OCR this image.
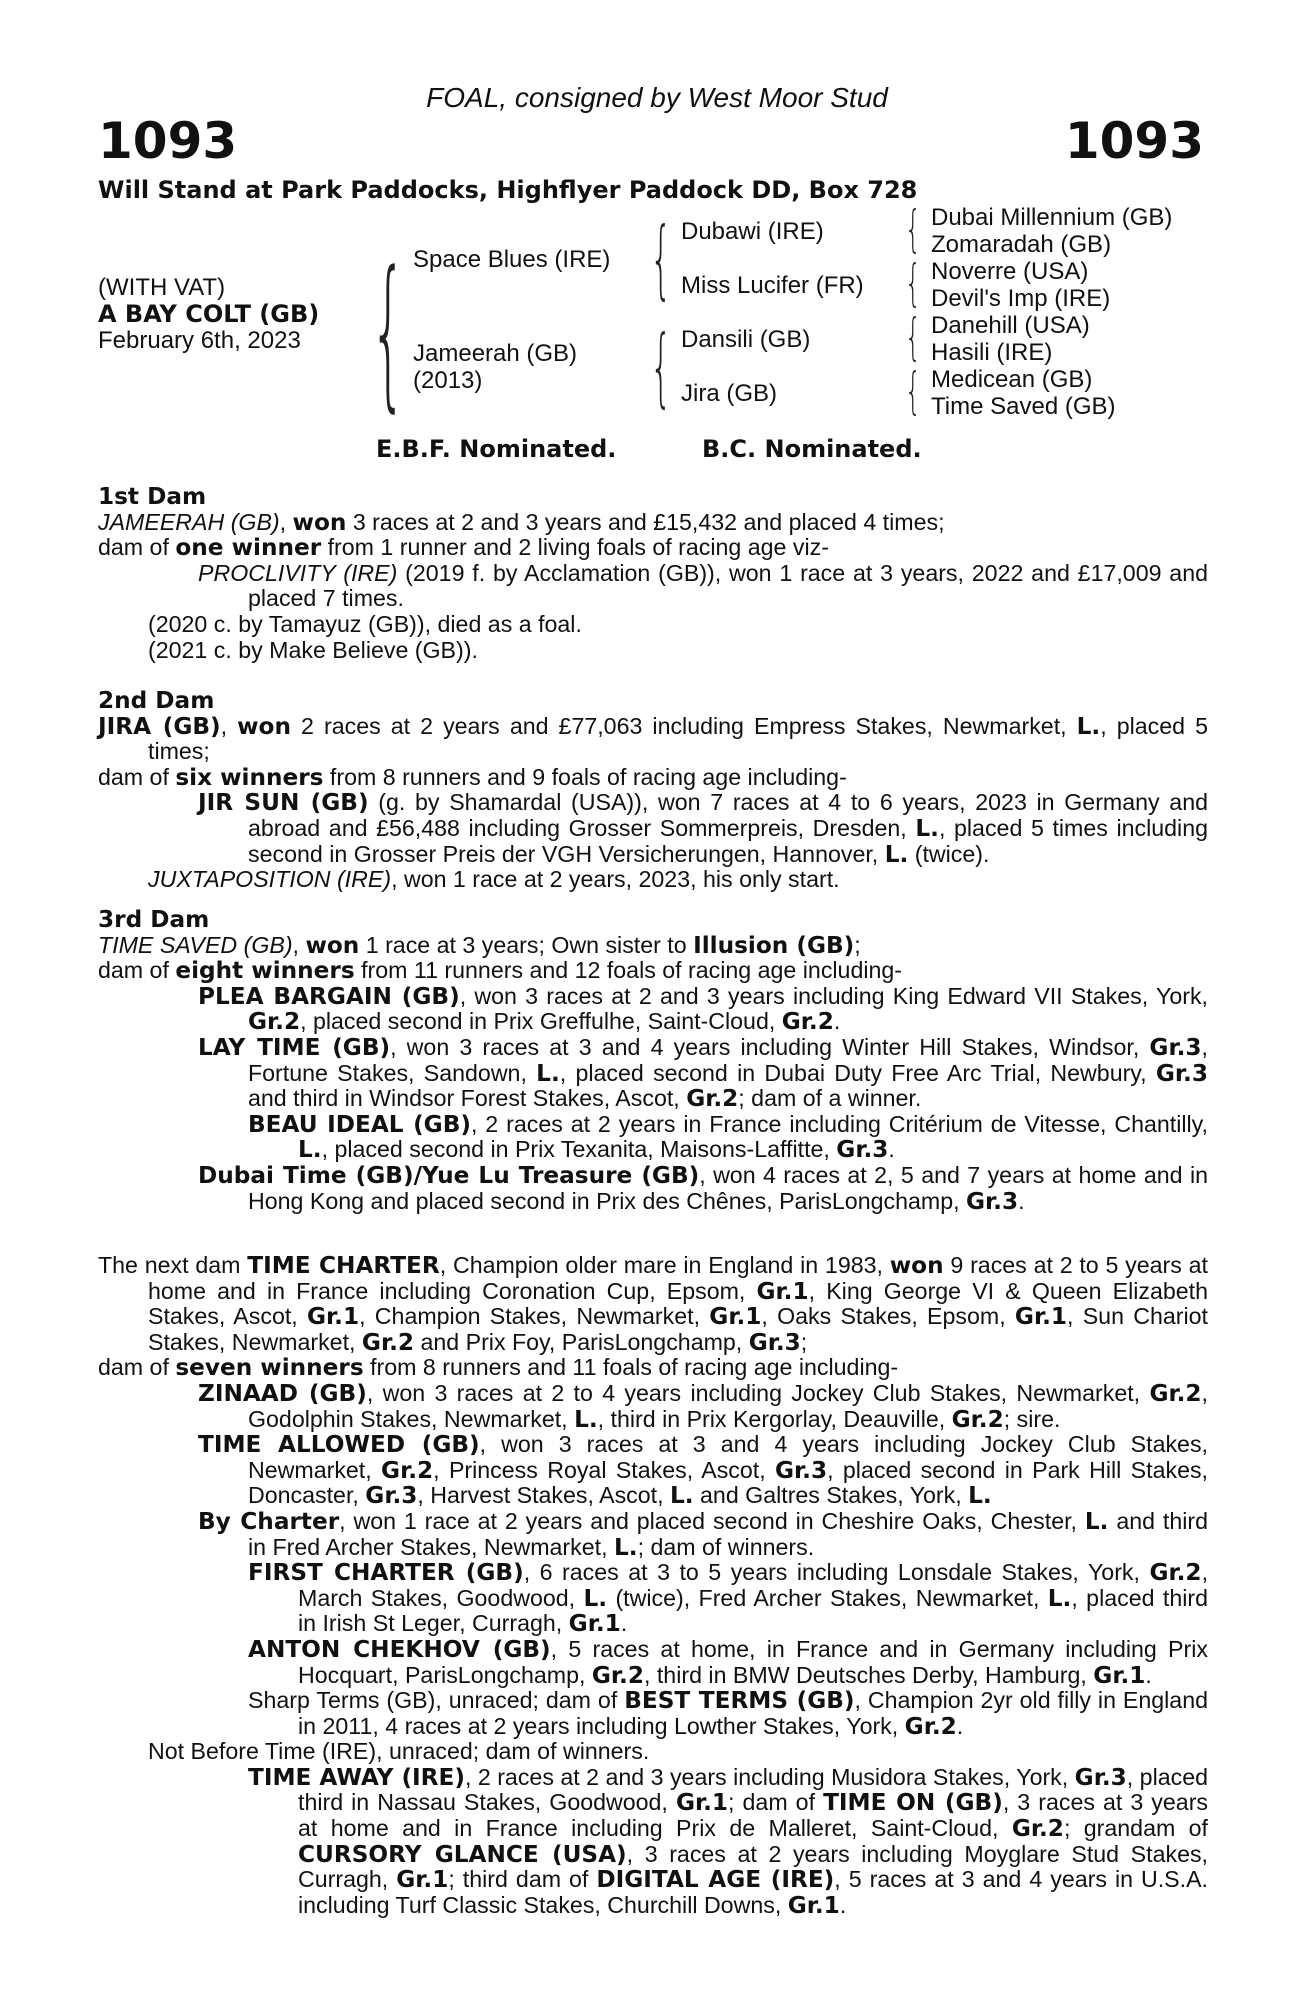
FOAL, consigned by West Moor Stud
1093	1093
Will Stand at Park Paddocks, Highflyer Paddock DD, Box 728
(WITH VAT)
A BAY COLT (GB)
February 6th, 2023 { Space Blues (IRE)
Jameerah (GB)
(2013)
{
{
Dubawi (IRE)
Miss Lucifer (FR)
Dansili (GB)
Jira (GB)
{
{
{
{
Dubai Millennium (GB)
Zomaradah (GB)
Noverre (USA)
Devil's Imp (IRE)
Danehill (USA)
Hasili (IRE)
Medicean (GB)
Time Saved (GB)
E.B.F. Nominated.	B.C. Nominated.

1st Dam

JAMEERAH (GB), won 3 races at 2 and 3 years and £15,432 and placed 4 times;

dam of one winner from 1 runner and 2 living foals of racing age viz-

PROCLIVITY (IRE) (2019 f. by Acclamation (GB)), won 1 race at 3 years, 2022 and £17,009 and placed 7 times.

(2020 c. by Tamayuz (GB)), died as a foal.

(2021 c. by Make Believe (GB)).

2nd Dam

JIRA (GB), won 2 races at 2 years and £77,063 including Empress Stakes, Newmarket, L., placed 5 times;

dam of six winners from 8 runners and 9 foals of racing age including-

JIR SUN (GB) (g. by Shamardal (USA)), won 7 races at 4 to 6 years, 2023 in Germany and abroad and £56,488 including Grosser Sommerpreis, Dresden, L., placed 5 times including second in Grosser Preis der VGH Versicherungen, Hannover, L. (twice).

JUXTAPOSITION (IRE), won 1 race at 2 years, 2023, his only start.

3rd Dam

TIME SAVED (GB), won 1 race at 3 years; Own sister to Illusion (GB);

dam of eight winners from 11 runners and 12 foals of racing age including-

PLEA BARGAIN (GB), won 3 races at 2 and 3 years including King Edward VII Stakes, York, Gr.2, placed second in Prix Greffulhe, Saint-Cloud, Gr.2.

LAY TIME (GB), won 3 races at 3 and 4 years including Winter Hill Stakes, Windsor, Gr.3, Fortune Stakes, Sandown, L., placed second in Dubai Duty Free Arc Trial, Newbury, Gr.3 and third in Windsor Forest Stakes, Ascot, Gr.2; dam of a winner.

BEAU IDEAL (GB), 2 races at 2 years in France including Critérium de Vitesse, Chantilly, L., placed second in Prix Texanita, Maisons-Laffitte, Gr.3.

Dubai Time (GB)/Yue Lu Treasure (GB), won 4 races at 2, 5 and 7 years at home and in Hong Kong and placed second in Prix des Chênes, ParisLongchamp, Gr.3.

The next dam TIME CHARTER, Champion older mare in England in 1983, won 9 races at 2 to 5 years at home and in France including Coronation Cup, Epsom, Gr.1, King George VI & Queen Elizabeth Stakes, Ascot, Gr.1, Champion Stakes, Newmarket, Gr.1, Oaks Stakes, Epsom, Gr.1, Sun Chariot Stakes, Newmarket, Gr.2 and Prix Foy, ParisLongchamp, Gr.3;

dam of seven winners from 8 runners and 11 foals of racing age including-

ZINAAD (GB), won 3 races at 2 to 4 years including Jockey Club Stakes, Newmarket, Gr.2, Godolphin Stakes, Newmarket, L., third in Prix Kergorlay, Deauville, Gr.2; sire.

TIME ALLOWED (GB), won 3 races at 3 and 4 years including Jockey Club Stakes, Newmarket, Gr.2, Princess Royal Stakes, Ascot, Gr.3, placed second in Park Hill Stakes, Doncaster, Gr.3, Harvest Stakes, Ascot, L. and Galtres Stakes, York, L.

By Charter, won 1 race at 2 years and placed second in Cheshire Oaks, Chester, L. and third in Fred Archer Stakes, Newmarket, L.; dam of winners.

FIRST CHARTER (GB), 6 races at 3 to 5 years including Lonsdale Stakes, York, Gr.2, March Stakes, Goodwood, L. (twice), Fred Archer Stakes, Newmarket, L., placed third in Irish St Leger, Curragh, Gr.1.

ANTON CHEKHOV (GB), 5 races at home, in France and in Germany including Prix Hocquart, ParisLongchamp, Gr.2, third in BMW Deutsches Derby, Hamburg, Gr.1.

Sharp Terms (GB), unraced; dam of BEST TERMS (GB), Champion 2yr old filly in England in 2011, 4 races at 2 years including Lowther Stakes, York, Gr.2.

Not Before Time (IRE), unraced; dam of winners.

TIME AWAY (IRE), 2 races at 2 and 3 years including Musidora Stakes, York, Gr.3, placed third in Nassau Stakes, Goodwood, Gr.1; dam of TIME ON (GB), 3 races at 3 years at home and in France including Prix de Malleret, Saint-Cloud, Gr.2; grandam of CURSORY GLANCE (USA), 3 races at 2 years including Moyglare Stud Stakes, Curragh, Gr.1; third dam of DIGITAL AGE (IRE), 5 races at 3 and 4 years in U.S.A. including Turf Classic Stakes, Churchill Downs, Gr.1.
